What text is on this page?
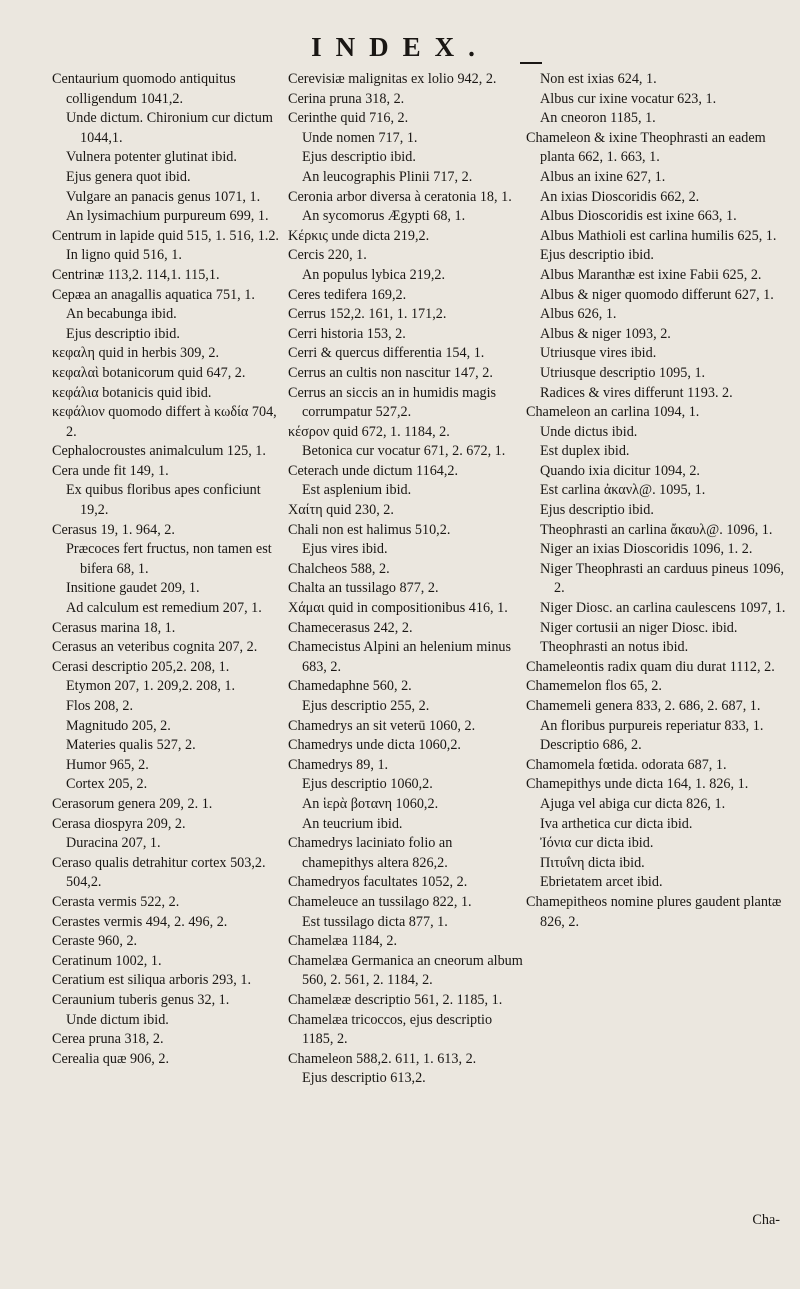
INDEX.

Centaurium quomodo antiquitus colligendum 1041,2.

Unde dictum. Chironium cur dictum 1044,1.

Vulnera potenter glutinat ibid.

Ejus genera quot ibid.

Vulgare an panacis genus 1071, 1.

An lysimachium purpureum 699, 1.

Centrum in lapide quid 515, 1. 516, 1.2.

In ligno quid 516, 1.

Centrinæ 113,2. 114,1. 115,1.

Cepæa an anagallis aquatica 751, 1.

An becabunga ibid.

Ejus descriptio ibid.

κεφαλη quid in herbis 309, 2.

κεφαλαὶ botanicorum quid 647, 2.

κεφάλια botanicis quid ibid.

κεφάλιον quomodo differt à κωδία 704, 2.

Cephalocroustes animalculum 125, 1.

Cera unde fit 149, 1.

Ex quibus floribus apes conficiunt 19,2.

Cerasus 19, 1. 964, 2.

Præcoces fert fructus, non tamen est bifera 68, 1.

Insitione gaudet 209, 1.

Ad calculum est remedium 207, 1.

Cerasus marina 18, 1.

Cerasus an veteribus cognita 207, 2.

Cerasi descriptio 205,2. 208, 1.

Etymon 207, 1. 209,2. 208, 1.

Flos 208, 2.

Magnitudo 205, 2.

Materies qualis 527, 2.

Humor 965, 2.

Cortex 205, 2.

Cerasorum genera 209, 2. 1.

Cerasa diospyra 209, 2.

Duracina 207, 1.

Ceraso qualis detrahitur cortex 503,2. 504,2.

Cerasta vermis 522, 2.

Cerastes vermis 494, 2. 496, 2.

Ceraste 960, 2.

Ceratinum 1002, 1.

Ceratium est siliqua arboris 293, 1.

Ceraunium tuberis genus 32, 1.

Unde dictum ibid.

Cerea pruna 318, 2.

Cerealia quæ 906, 2.

Cerevisiæ malignitas ex lolio 942, 2.

Cerina pruna 318, 2.

Cerinthe quid 716, 2.

Unde nomen 717, 1.

Ejus descriptio ibid.

An leucographis Plinii 717, 2.

Ceronia arbor diversa à ceratonia 18, 1.

An sycomorus Ægypti 68, 1.

Κέρκις unde dicta 219,2.

Cercis 220, 1.

An populus lybica 219,2.

Ceres tedifera 169,2.

Cerrus 152,2. 161, 1. 171,2.

Cerri historia 153, 2.

Cerri & quercus differentia 154, 1.

Cerrus an cultis non nascitur 147, 2.

Cerrus an siccis an in humidis magis corrumpatur 527,2.

κέσρον quid 672, 1. 1184, 2.

Betonica cur vocatur 671, 2. 672, 1.

Ceterach unde dictum 1164,2.

Est asplenium ibid.

Χαίτη quid 230, 2.

Chali non est halimus 510,2.

Ejus vires ibid.

Chalcheos 588, 2.

Chalta an tussilago 877, 2.

Χάμαι quid in compositionibus 416, 1.

Chamecerasus 242, 2.

Chamecistus Alpini an helenium minus 683, 2.

Chamedaphne 560, 2.

Ejus descriptio 255, 2.

Chamedrys an sit veterū 1060, 2.

Chamedrys unde dicta 1060,2.

Chamedrys 89, 1.

Ejus descriptio 1060,2.

An ἱερὰ βοτανη 1060,2.

An teucrium ibid.

Chamedrys laciniato folio an chamepithys altera 826,2.

Chamedryos facultates 1052, 2.

Chameleuce an tussilago 822, 1.

Est tussilago dicta 877, 1.

Chamelæa 1184, 2.

Chamelæa Germanica an cneorum album 560, 2. 561, 2. 1184, 2.

Chamelææ descriptio 561, 2. 1185, 1.

Chamelæa tricoccos, ejus descriptio 1185, 2.

Chameleon 588,2. 611, 1. 613, 2.

Ejus descriptio 613,2.

Non est ixias 624, 1.

Albus cur ixine vocatur 623, 1.

An cneoron 1185, 1.

Chameleon & ixine Theophrasti an eadem planta 662, 1. 663, 1.

Albus an ixine 627, 1.

An ixias Dioscoridis 662, 2.

Albus Dioscoridis est ixine 663, 1.

Albus Mathioli est carlina humilis 625, 1.

Ejus descriptio ibid.

Albus Maranthæ est ixine Fabii 625, 2.

Albus & niger quomodo differunt 627, 1.

Albus 626, 1.

Albus & niger 1093, 2.

Utriusque vires ibid.

Utriusque descriptio 1095, 1.

Radices & vires differunt 1193. 2.

Chameleon an carlina 1094, 1.

Unde dictus ibid.

Est duplex ibid.

Quando ixia dicitur 1094, 2.

Est carlina ἀκανλ@. 1095, 1.

Ejus descriptio ibid.

Theophrasti an carlina ἄκαυλ@. 1096, 1.

Niger an ixias Dioscoridis 1096, 1. 2.

Niger Theophrasti an carduus pineus 1096, 2.

Niger Diosc. an carlina caulescens 1097, 1.

Niger cortusii an niger Diosc. ibid.

Theophrasti an notus ibid.

Chameleontis radix quam diu durat 1112, 2.

Chamemelon flos 65, 2.

Chamemeli genera 833, 2. 686, 2. 687, 1.

An floribus purpureis reperiatur 833, 1.

Descriptio 686, 2.

Chamomela fœtida. odorata 687, 1.

Chamepithys unde dicta 164, 1. 826, 1.

Ajuga vel abiga cur dicta 826, 1.

Iva arthetica cur dicta ibid.

Ἰόνια cur dicta ibid.

Πιτυΐνη dicta ibid.

Ebrietatem arcet ibid.

Chamepitheos nomine plures gaudent plantæ 826, 2.

Cha-
